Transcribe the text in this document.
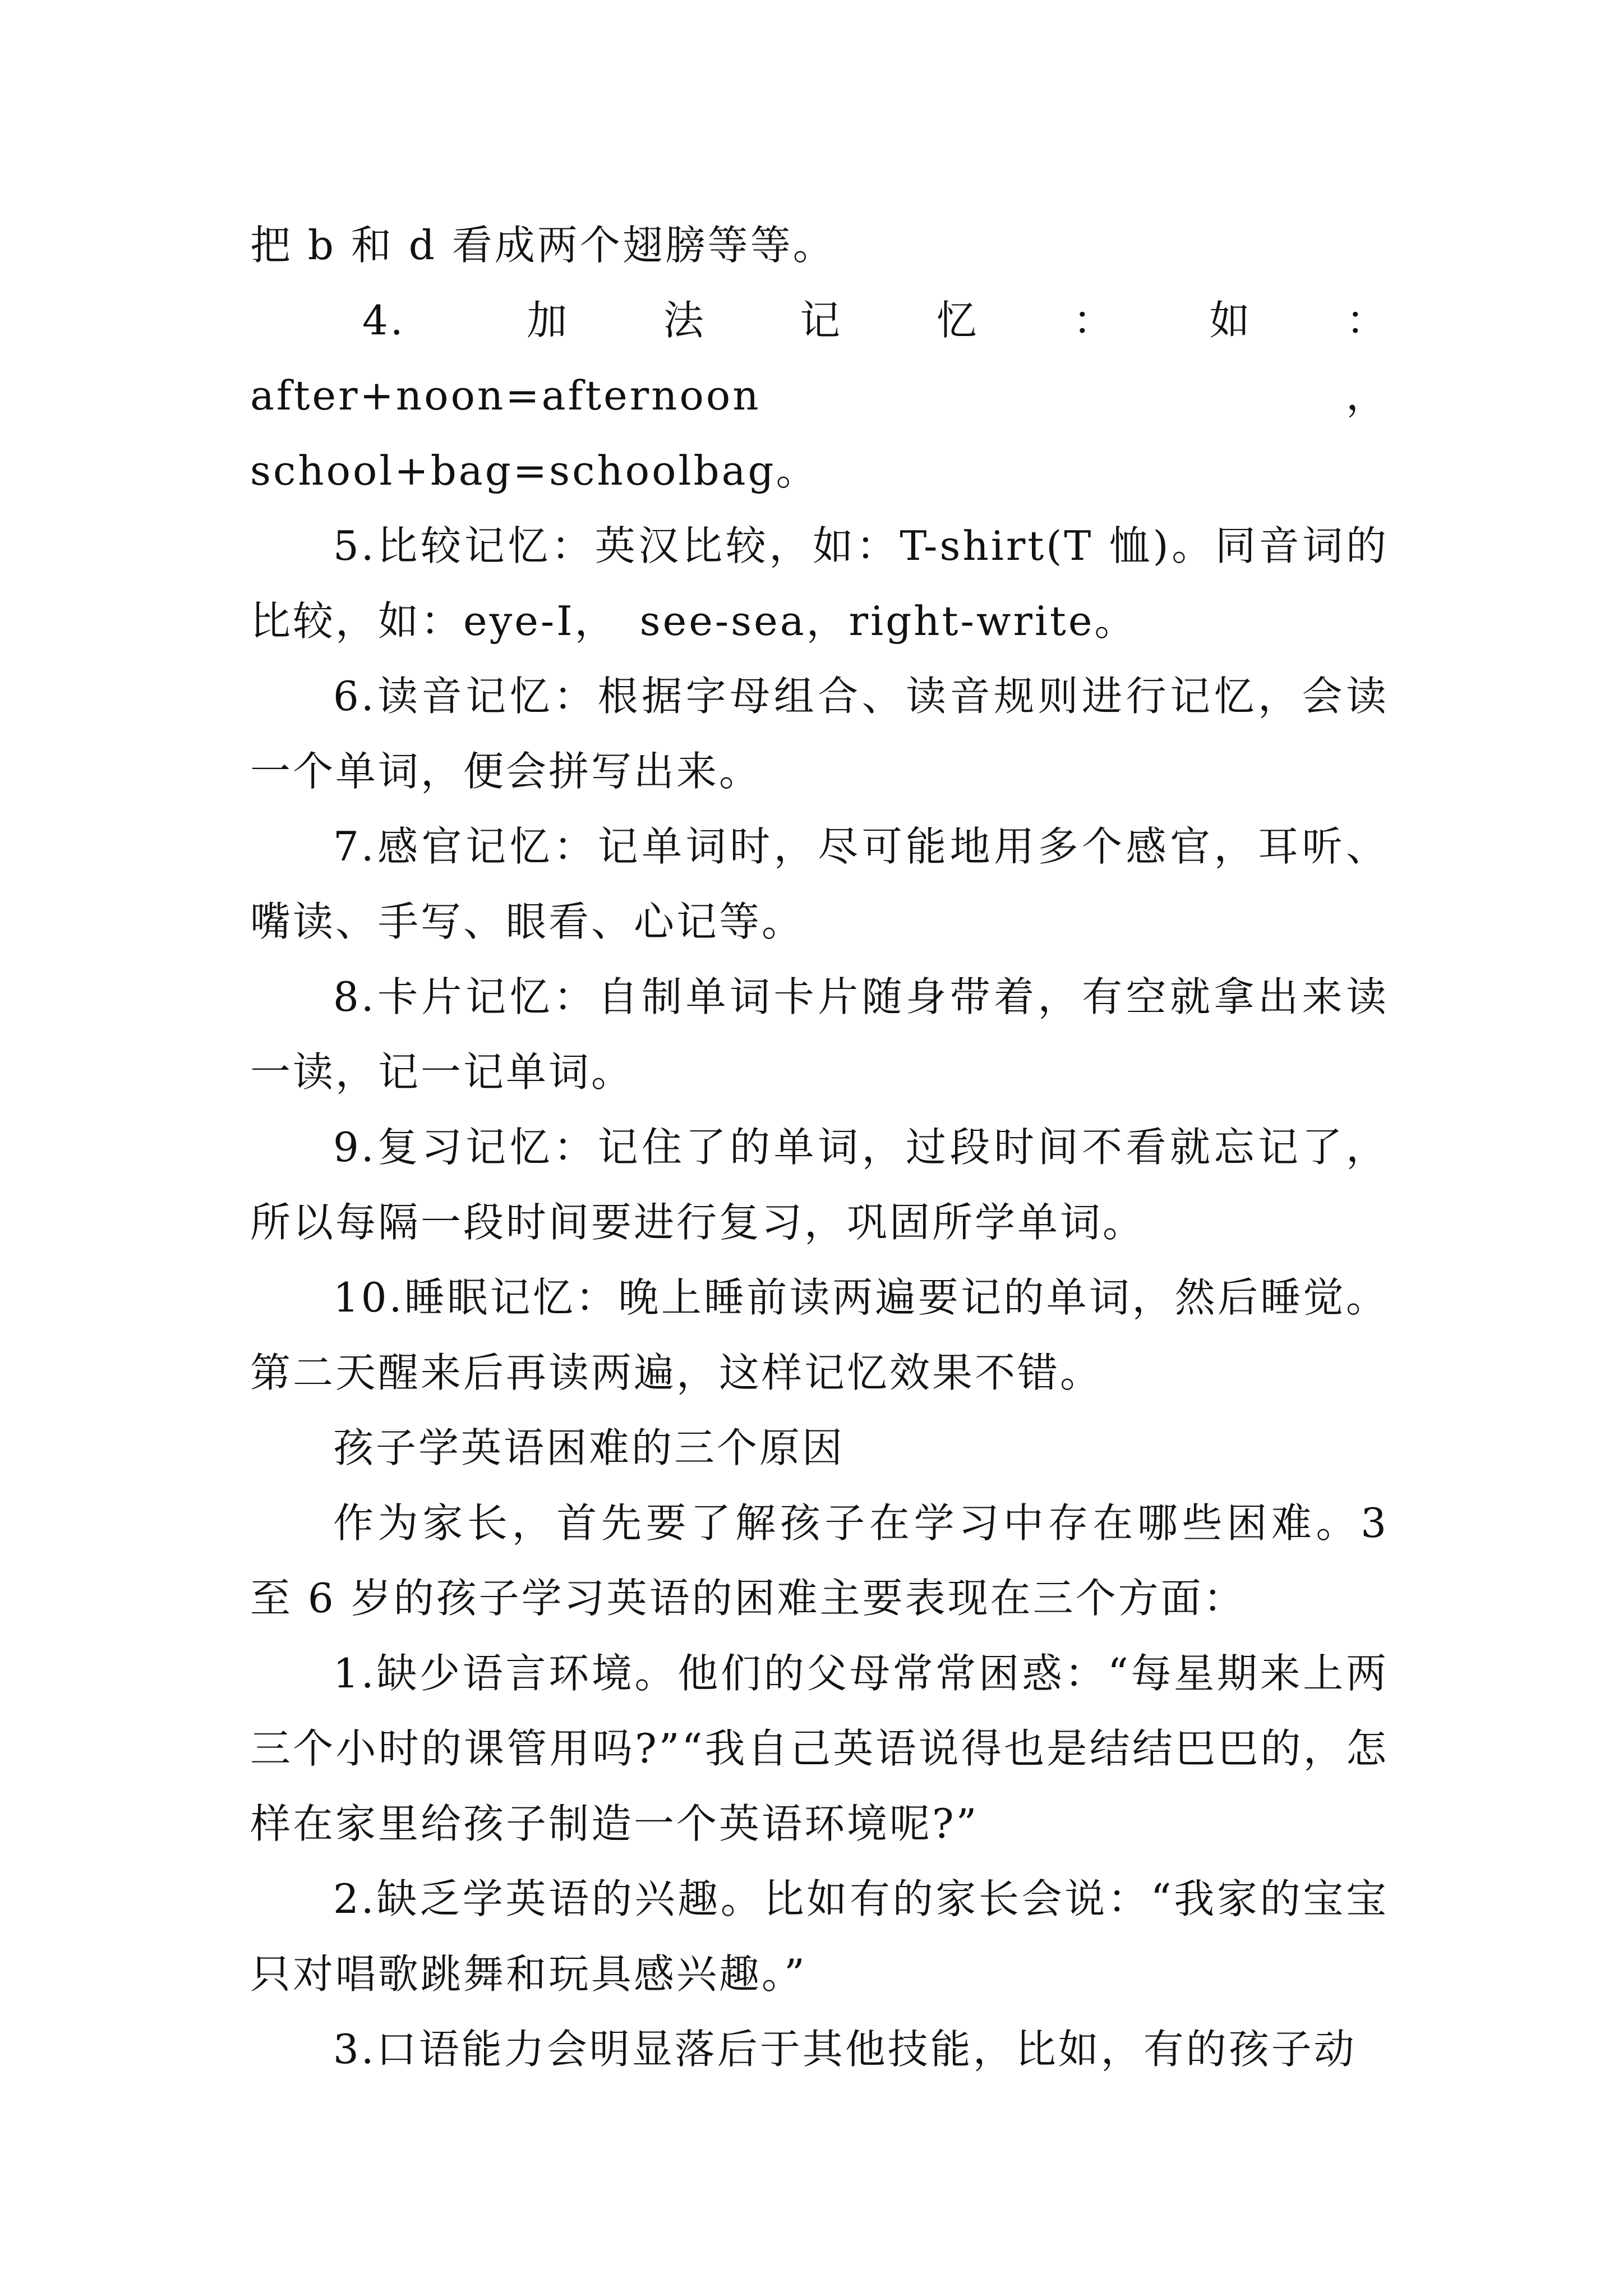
把 b 和 d 看成两个翅膀等等。

4.　加 法 记 忆 ： 如 ： after+noon=afternoon　，school+bag=schoolbag。

5.比较记忆：英汉比较，如：T-shirt(T 恤)。同音词的比较，如：eye-I，　see-sea，right-write。

6.读音记忆：根据字母组合、读音规则进行记忆，会读一个单词，便会拼写出来。

7.感官记忆：记单词时，尽可能地用多个感官，耳听、嘴读、手写、眼看、心记等。

8.卡片记忆：自制单词卡片随身带着，有空就拿出来读一读，记一记单词。

9.复习记忆：记住了的单词，过段时间不看就忘记了，所以每隔一段时间要进行复习，巩固所学单词。

10.睡眠记忆：晚上睡前读两遍要记的单词，然后睡觉。第二天醒来后再读两遍，这样记忆效果不错。

孩子学英语困难的三个原因

作为家长，首先要了解孩子在学习中存在哪些困难。3 至 6 岁的孩子学习英语的困难主要表现在三个方面：

1.缺少语言环境。他们的父母常常困惑：“每星期来上两三个小时的课管用吗?”“我自己英语说得也是结结巴巴的，怎样在家里给孩子制造一个英语环境呢?”

2.缺乏学英语的兴趣。比如有的家长会说：“我家的宝宝只对唱歌跳舞和玩具感兴趣。”

3.口语能力会明显落后于其他技能，比如，有的孩子动
